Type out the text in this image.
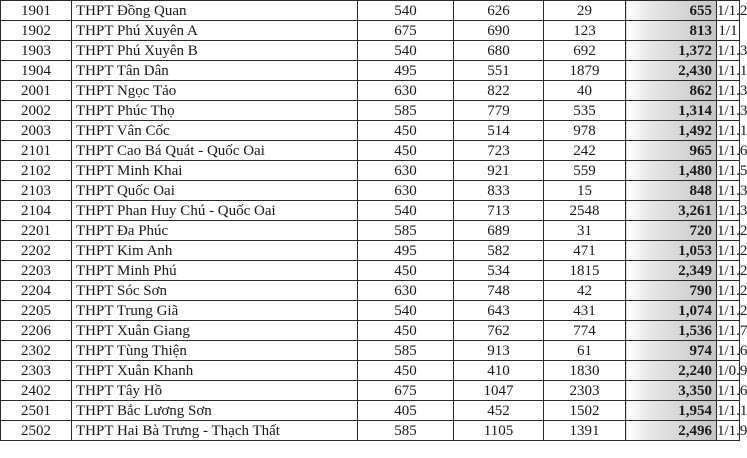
1901	THPT Đồng Quan	540	626	29	655	1/1.2
1902	THPT Phú Xuyên A	675	690	123	813	1/1
1903	THPT Phú Xuyên B	540	680	692	1,372	1/1.3
1904	THPT Tân Dân	495	551	1879	2,430	1/1.1
2001	THPT Ngọc Tảo	630	822	40	862	1/1.3
2002	THPT Phúc Thọ	585	779	535	1,314	1/1.3
2003	THPT Vân Cốc	450	514	978	1,492	1/1.1
2101	THPT Cao Bá Quát - Quốc Oai	450	723	242	965	1/1.6
2102	THPT Minh Khai	630	921	559	1,480	1/1.5
2103	THPT Quốc Oai	630	833	15	848	1/1.3
2104	THPT Phan Huy Chú - Quốc Oai	540	713	2548	3,261	1/1.3
2201	THPT Đa Phúc	585	689	31	720	1/1.2
2202	THPT Kim Anh	495	582	471	1,053	1/1.2
2203	THPT Minh Phú	450	534	1815	2,349	1/1.2
2204	THPT Sóc Sơn	630	748	42	790	1/1.2
2205	THPT Trung Giã	540	643	431	1,074	1/1.2
2206	THPT Xuân Giang	450	762	774	1,536	1/1.7
2302	THPT Tùng Thiện	585	913	61	974	1/1.6
2303	THPT Xuân Khanh	450	410	1830	2,240	1/0.9
2402	THPT Tây Hồ	675	1047	2303	3,350	1/1.6
2501	THPT Bắc Lương Sơn	405	452	1502	1,954	1/1.1
2502	THPT Hai Bà Trưng - Thạch Thất	585	1105	1391	2,496	1/1.9
